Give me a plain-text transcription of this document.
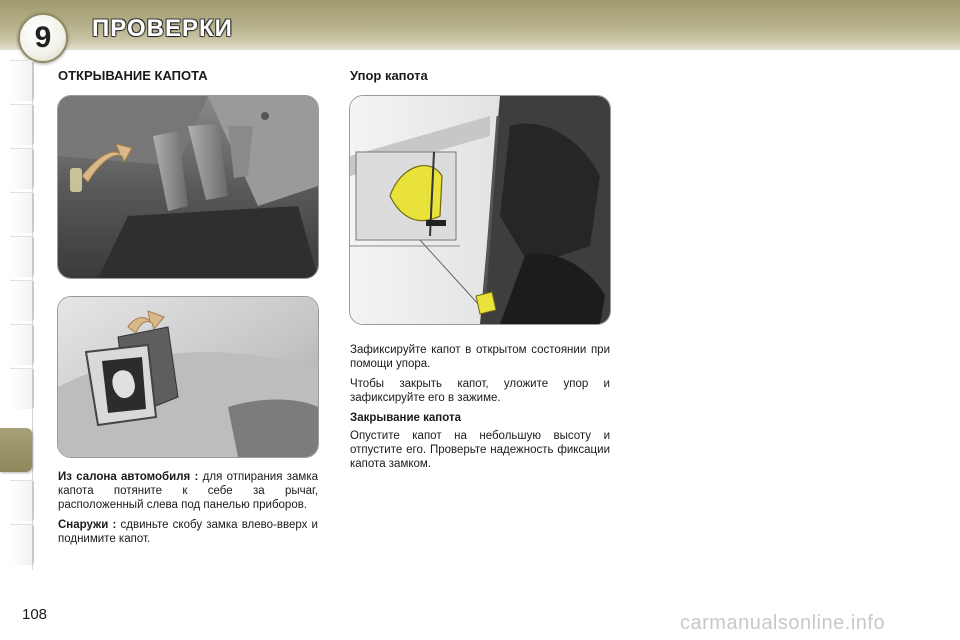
9	ПРОВЕРКИ
ОТКРЫВАНИЕ КАПОТА

Из салона автомобиля : для отпирания замка капота потяните к себе за рычаг, расположенный слева под панелью приборов.

Снаружи : сдвиньте скобу замка влево-вверх и поднимите капот.

Упор капота

Зафиксируйте капот в открытом состоянии при помощи упора.

Чтобы закрыть капот, уложите упор и зафиксируйте его в зажиме.

Закрывание капота

Опустите капот на небольшую высоту и отпустите его. Проверьте надежность фиксации капота замком.

108	carmanualsonline.info
